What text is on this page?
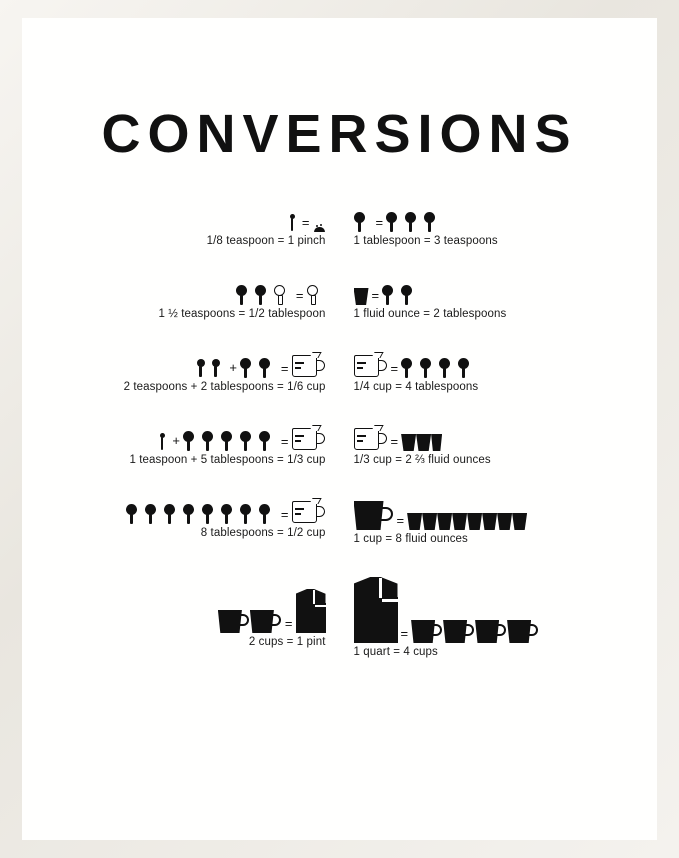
CONVERSIONS
=
1/8 teaspoon = 1 pinch
=
1 ½ teaspoons = 1/2 tablespoon
+	=
2 teaspoons + 2 tablespoons = 1/6 cup
+	=
1 teaspoon + 5 tablespoons = 1/3 cup
=
8 tablespoons = 1/2 cup
=
2 cups = 1 pint
=
1 tablespoon = 3 teaspoons
=
1 fluid ounce = 2 tablespoons
=
1/4 cup = 4 tablespoons
=
1/3 cup = 2 ⅔ fluid ounces
=
1 cup = 8 fluid ounces
=
1 quart = 4 cups
